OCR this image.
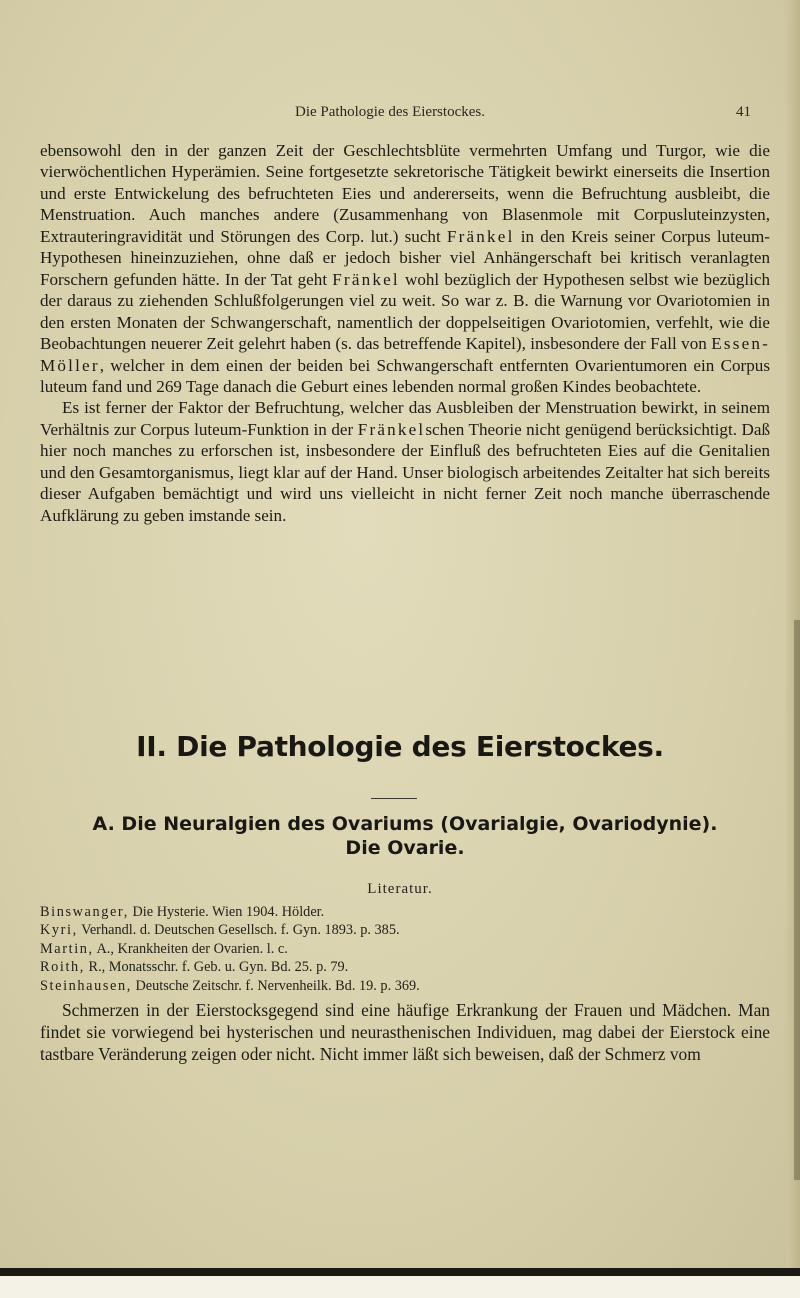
Die Pathologie des Eierstockes.	41

ebensowohl den in der ganzen Zeit der Geschlechtsblüte vermehrten Umfang und Turgor, wie die vierwöchentlichen Hyperämien. Seine fortgesetzte sekretorische Tätigkeit bewirkt einerseits die Insertion und erste Entwickelung des befruchteten Eies und andererseits, wenn die Befruchtung ausbleibt, die Menstruation. Auch manches andere (Zusammenhang von Blasenmole mit Corpusluteinzysten, Extrauteringravidität und Störungen des Corp. lut.) sucht Fränkel in den Kreis seiner Corpus luteum-Hypothesen hineinzuziehen, ohne daß er jedoch bisher viel Anhängerschaft bei kritisch veranlagten Forschern gefunden hätte. In der Tat geht Fränkel wohl bezüglich der Hypothesen selbst wie bezüglich der daraus zu ziehenden Schlußfolgerungen viel zu weit. So war z. B. die Warnung vor Ovariotomien in den ersten Monaten der Schwangerschaft, namentlich der doppelseitigen Ovariotomien, verfehlt, wie die Beobachtungen neuerer Zeit gelehrt haben (s. das betreffende Kapitel), insbesondere der Fall von Essen-Möller, welcher in dem einen der beiden bei Schwangerschaft entfernten Ovarientumoren ein Corpus luteum fand und 269 Tage danach die Geburt eines lebenden normal großen Kindes beobachtete.

Es ist ferner der Faktor der Befruchtung, welcher das Ausbleiben der Menstruation bewirkt, in seinem Verhältnis zur Corpus luteum-Funktion in der Fränkelschen Theorie nicht genügend berücksichtigt. Daß hier noch manches zu erforschen ist, insbesondere der Einfluß des befruchteten Eies auf die Genitalien und den Gesamtorganismus, liegt klar auf der Hand. Unser biologisch arbeitendes Zeitalter hat sich bereits dieser Aufgaben bemächtigt und wird uns vielleicht in nicht ferner Zeit noch manche überraschende Aufklärung zu geben imstande sein.

II. Die Pathologie des Eierstockes.
A. Die Neuralgien des Ovariums (Ovarialgie, Ovariodynie).
Die Ovarie.
Literatur.
Binswanger, Die Hysterie. Wien 1904. Hölder.
Kyri, Verhandl. d. Deutschen Gesellsch. f. Gyn. 1893. p. 385.
Martin, A., Krankheiten der Ovarien. l. c.
Roith, R., Monatsschr. f. Geb. u. Gyn. Bd. 25. p. 79.
Steinhausen, Deutsche Zeitschr. f. Nervenheilk. Bd. 19. p. 369.

Schmerzen in der Eierstocksgegend sind eine häufige Erkrankung der Frauen und Mädchen. Man findet sie vorwiegend bei hysterischen und neurasthenischen Individuen, mag dabei der Eierstock eine tastbare Veränderung zeigen oder nicht. Nicht immer läßt sich beweisen, daß der Schmerz vom
